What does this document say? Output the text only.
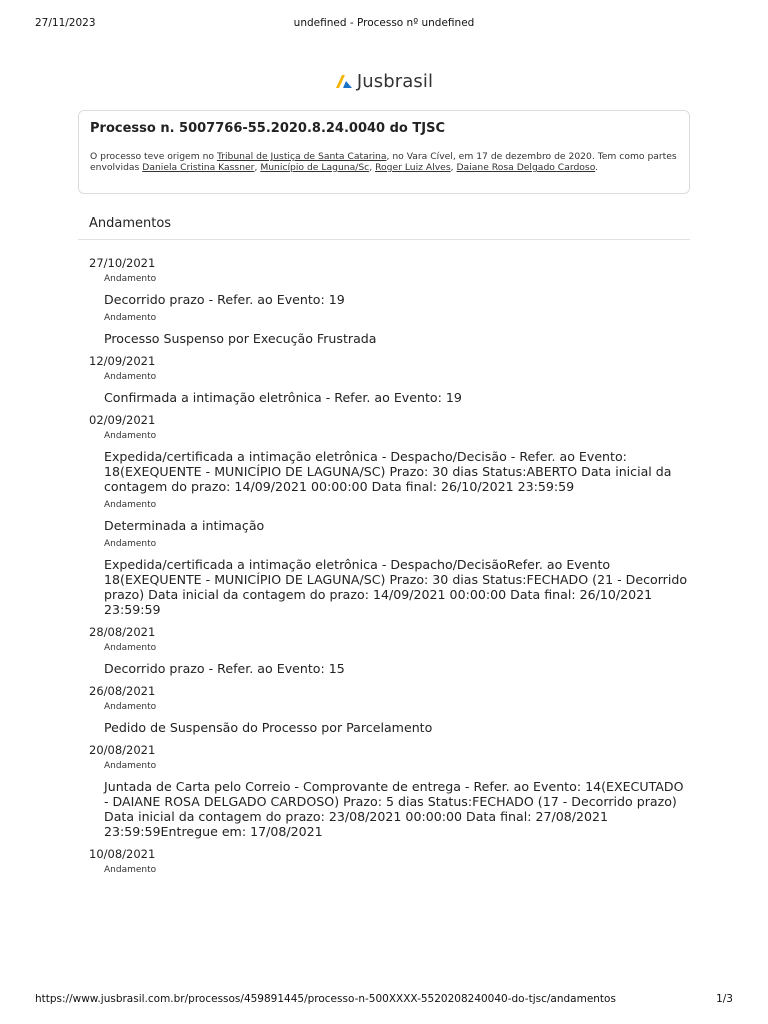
27/11/2023	undefined - Processo nº undefined
Jusbrasil
Processo n. 5007766-55.2020.8.24.0040 do TJSC
O processo teve origem no Tribunal de Justiça de Santa Catarina, no Vara Cível, em 17 de dezembro de 2020. Tem como partes envolvidas Daniela Cristina Kassner, Município de Laguna/Sc, Roger Luiz Alves, Daiane Rosa Delgado Cardoso.
Andamentos
27/10/2021
Andamento
Decorrido prazo - Refer. ao Evento: 19
Andamento
Processo Suspenso por Execução Frustrada
12/09/2021
Andamento
Confirmada a intimação eletrônica - Refer. ao Evento: 19
02/09/2021
Andamento
Expedida/certificada a intimação eletrônica - Despacho/Decisão - Refer. ao Evento: 18(EXEQUENTE - MUNICÍPIO DE LAGUNA/SC) Prazo: 30 dias Status:ABERTO Data inicial da contagem do prazo: 14/09/2021 00:00:00 Data final: 26/10/2021 23:59:59
Andamento
Determinada a intimação
Andamento
Expedida/certificada a intimação eletrônica - Despacho/DecisãoRefer. ao Evento 18(EXEQUENTE - MUNICÍPIO DE LAGUNA/SC) Prazo: 30 dias Status:FECHADO (21 - Decorrido prazo) Data inicial da contagem do prazo: 14/09/2021 00:00:00 Data final: 26/10/2021 23:59:59
28/08/2021
Andamento
Decorrido prazo - Refer. ao Evento: 15
26/08/2021
Andamento
Pedido de Suspensão do Processo por Parcelamento
20/08/2021
Andamento
Juntada de Carta pelo Correio - Comprovante de entrega - Refer. ao Evento: 14(EXECUTADO - DAIANE ROSA DELGADO CARDOSO) Prazo: 5 dias Status:FECHADO (17 - Decorrido prazo) Data inicial da contagem do prazo: 23/08/2021 00:00:00 Data final: 27/08/2021 23:59:59Entregue em: 17/08/2021
10/08/2021
Andamento
https://www.jusbrasil.com.br/processos/459891445/processo-n-500XXXX-5520208240040-do-tjsc/andamentos	1/3
